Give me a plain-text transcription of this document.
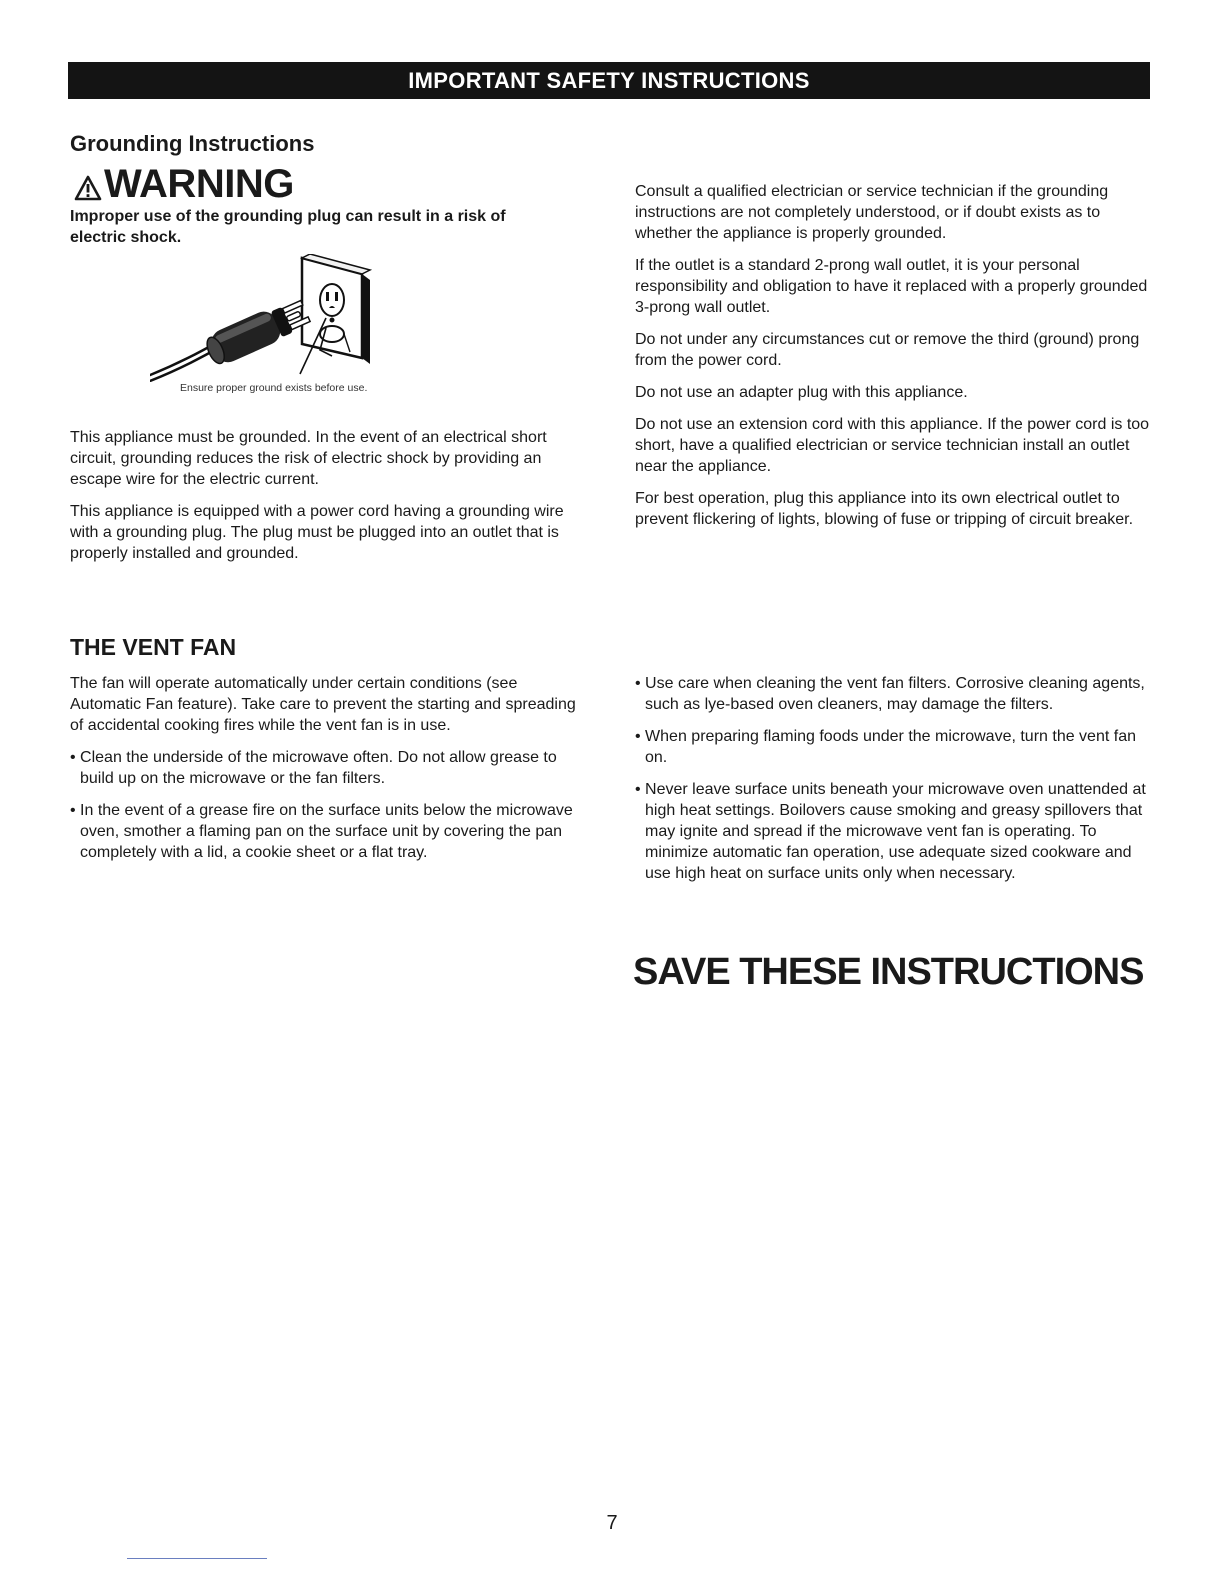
IMPORTANT SAFETY INSTRUCTIONS
Grounding Instructions
WARNING

Improper use of the grounding plug can result in a risk of electric shock.

Ensure proper ground exists before use.

This appliance must be grounded. In the event of an electrical short circuit, grounding reduces the risk of electric shock by providing an escape wire for the electric current.

This appliance is equipped with a power cord having a grounding wire with a grounding plug. The plug must be plugged into an outlet that is properly installed and grounded.

Consult a qualified electrician or service technician if the grounding instructions are not completely understood, or if doubt exists as to whether the appliance is properly grounded.

If the outlet is a standard 2-prong wall outlet, it is your personal responsibility and obligation to have it replaced with a properly grounded 3-prong wall outlet.

Do not under any circumstances cut or remove the third (ground) prong from the power cord.

Do not use an adapter plug with this appliance.

Do not use an extension cord with this appliance. If the power cord is too short, have a qualified electrician or service technician install an outlet near the appliance.

For best operation, plug this appliance into its own electrical outlet to prevent flickering of lights, blowing of fuse or tripping of circuit breaker.

THE VENT FAN

The fan will operate automatically under certain conditions (see Automatic Fan feature). Take care to prevent the starting and spreading of accidental cooking fires while the vent fan is in use.

• Clean the underside of the microwave often. Do not allow grease to build up on the microwave or the fan filters.

• In the event of a grease fire on the surface units below the microwave oven, smother a flaming pan on the surface unit by covering the pan completely with a lid, a cookie sheet or a flat tray.

• Use care when cleaning the vent fan filters. Corrosive cleaning agents, such as lye-based oven cleaners, may damage the filters.

• When preparing flaming foods under the microwave, turn the vent fan on.

• Never leave surface units beneath your microwave oven unattended at high heat settings. Boilovers cause smoking and greasy spillovers that may ignite and spread if the microwave vent fan is operating. To minimize automatic fan operation, use adequate sized cookware and use high heat on surface units only when necessary.

SAVE THESE INSTRUCTIONS
7
